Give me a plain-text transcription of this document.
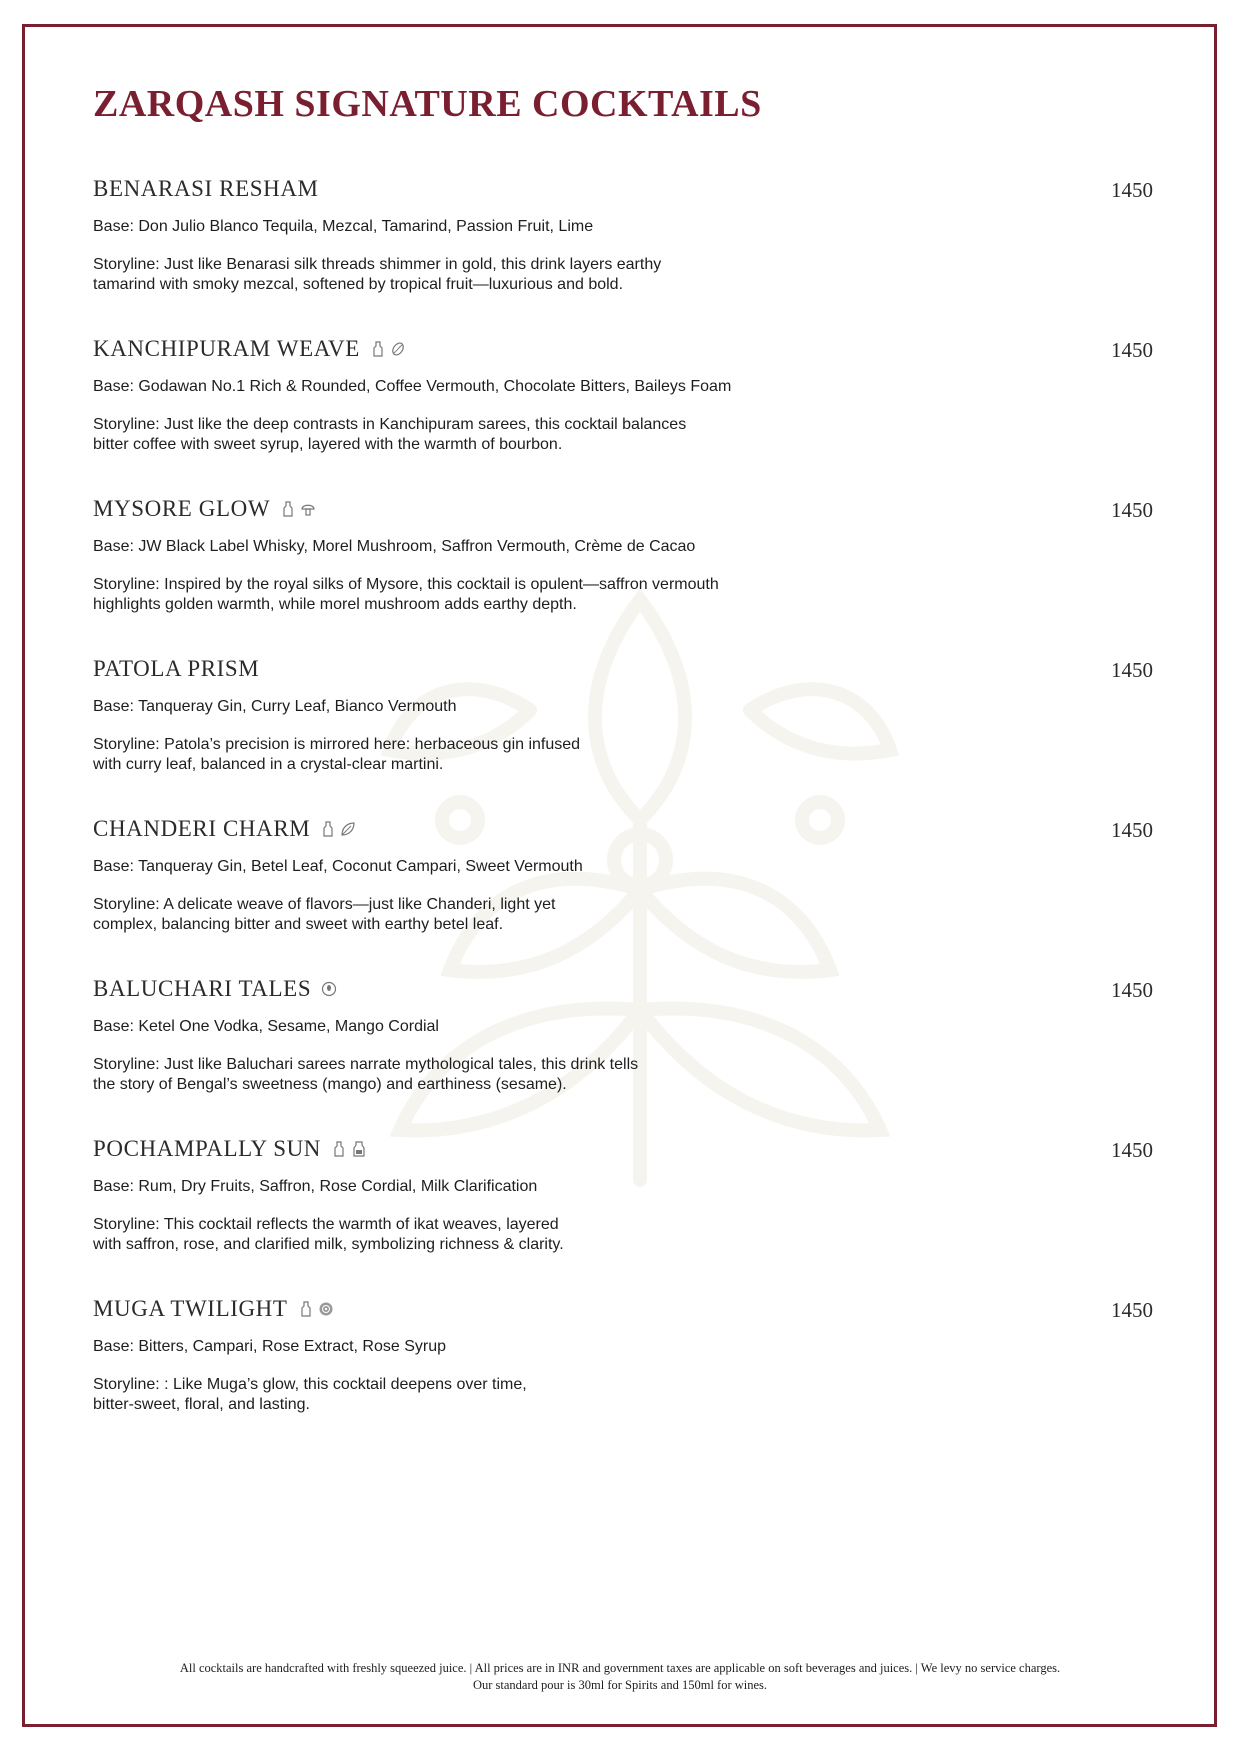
ZARQASH SIGNATURE COCKTAILS
BENARASI RESHAM	1450
Base: Don Julio Blanco Tequila, Mezcal, Tamarind, Passion Fruit, Lime
Storyline: Just like Benarasi silk threads shimmer in gold, this drink layers earthy
tamarind with smoky mezcal, softened by tropical fruit—luxurious and bold.
KANCHIPURAM WEAVE	1450
Base: Godawan No.1 Rich & Rounded, Coffee Vermouth, Chocolate Bitters, Baileys Foam
Storyline: Just like the deep contrasts in Kanchipuram sarees, this cocktail balances
bitter coffee with sweet syrup, layered with the warmth of bourbon.
MYSORE GLOW	1450
Base: JW Black Label Whisky, Morel Mushroom, Saffron Vermouth, Crème de Cacao
Storyline: Inspired by the royal silks of Mysore, this cocktail is opulent—saffron vermouth
highlights golden warmth, while morel mushroom adds earthy depth.
PATOLA PRISM	1450
Base: Tanqueray Gin, Curry Leaf, Bianco Vermouth
Storyline: Patola’s precision is mirrored here: herbaceous gin infused
with curry leaf, balanced in a crystal-clear martini.
CHANDERI CHARM	1450
Base: Tanqueray Gin, Betel Leaf, Coconut Campari, Sweet Vermouth
Storyline: A delicate weave of flavors—just like Chanderi, light yet
complex, balancing bitter and sweet with earthy betel leaf.
BALUCHARI TALES	1450
Base: Ketel One Vodka, Sesame, Mango Cordial
Storyline: Just like Baluchari sarees narrate mythological tales, this drink tells
the story of Bengal’s sweetness (mango) and earthiness (sesame).
POCHAMPALLY SUN	1450
Base: Rum, Dry Fruits, Saffron, Rose Cordial, Milk Clarification
Storyline: This cocktail reflects the warmth of ikat weaves, layered
with saffron, rose, and clarified milk, symbolizing richness & clarity.
MUGA TWILIGHT	1450
Base: Bitters, Campari, Rose Extract, Rose Syrup
Storyline: : Like Muga’s glow, this cocktail deepens over time,
bitter-sweet, floral, and lasting.
All cocktails are handcrafted with freshly squeezed juice. | All prices are in INR and government taxes are applicable on soft beverages and juices. | We levy no service charges.
Our standard pour is 30ml for Spirits and 150ml for wines.
